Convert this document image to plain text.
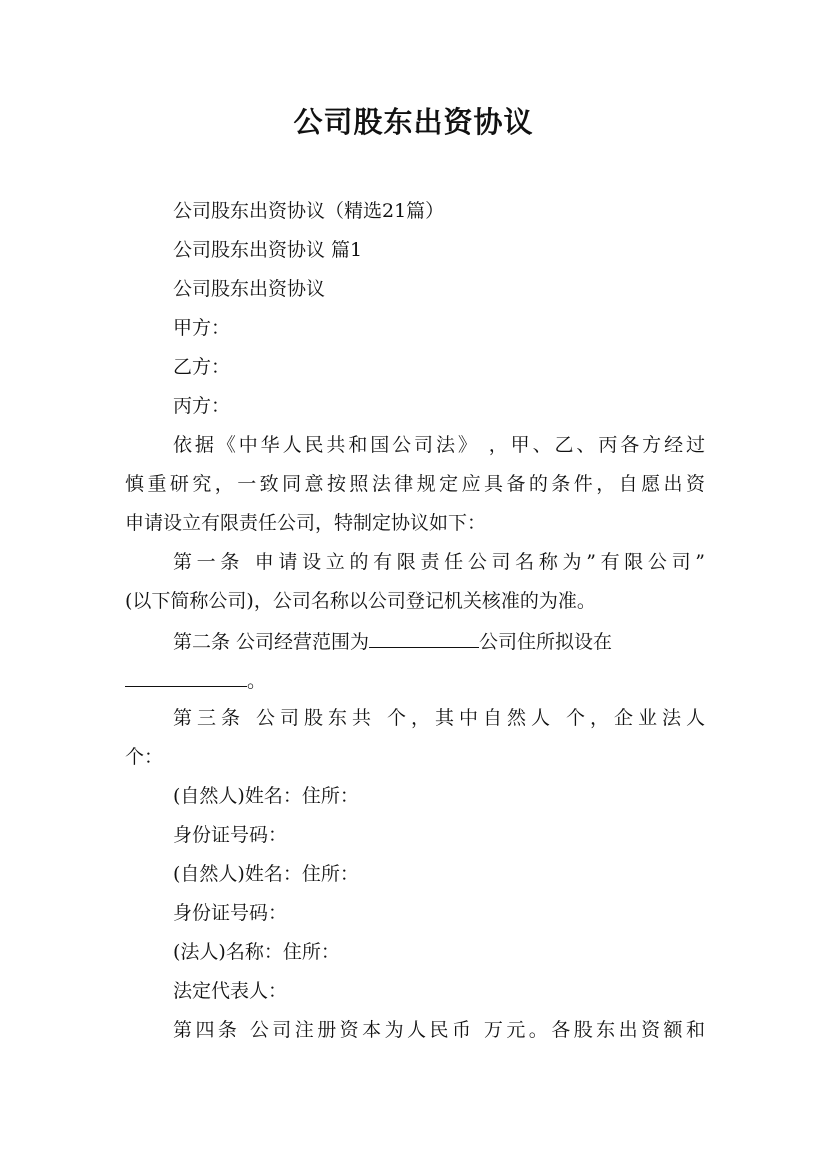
公司股东出资协议
公司股东出资协议（精选21篇）
公司股东出资协议 篇1
公司股东出资协议
甲方：
乙方：
丙方：
依据《中华人民共和国公司法》 ，甲、乙、丙各方经过
慎重研究，一致同意按照法律规定应具备的条件，自愿出资
申请设立有限责任公司，特制定协议如下：
第一条 申请设立的有限责任公司名称为”有限公司”
(以下简称公司)，公司名称以公司登记机关核准的为准。
第二条 公司经营范围为	公司住所拟设在
。
第三条 公司股东共 个，其中自然人 个，企业法人
个：
(自然人)姓名：住所：
身份证号码：
(自然人)姓名：住所：
身份证号码：
(法人)名称：住所：
法定代表人：
第四条 公司注册资本为人民币 万元。各股东出资额和
